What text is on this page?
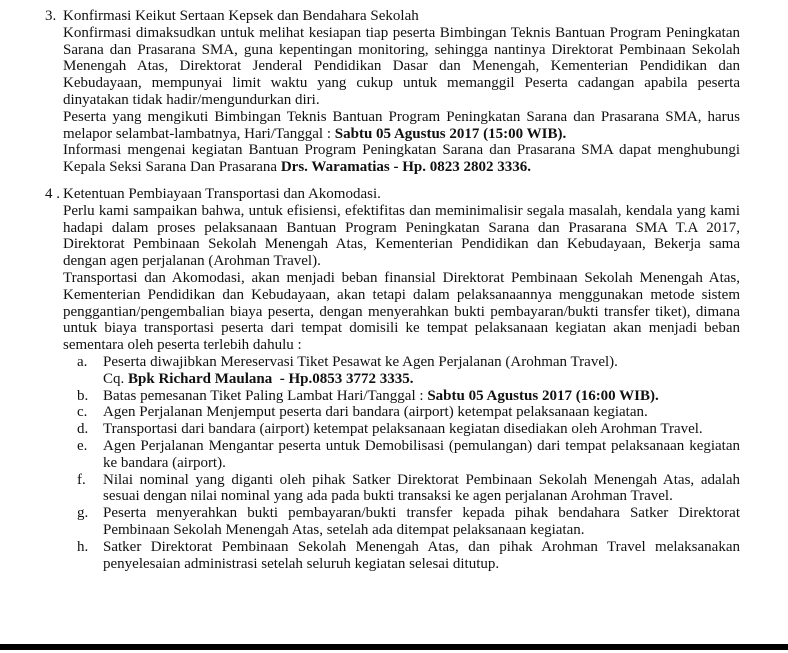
3. Konfirmasi Keikut Sertaan Kepsek dan Bendahara Sekolah

Konfirmasi dimaksudkan untuk melihat kesiapan tiap peserta Bimbingan Teknis Bantuan Program Peningkatan Sarana dan Prasarana SMA, guna kepentingan monitoring, sehingga nantinya Direktorat Pembinaan Sekolah Menengah Atas, Direktorat Jenderal Pendidikan Dasar dan Menengah, Kementerian Pendidikan dan Kebudayaan, mempunyai limit waktu yang cukup untuk memanggil Peserta cadangan apabila peserta dinyatakan tidak hadir/mengundurkan diri.

Peserta yang mengikuti Bimbingan Teknis Bantuan Program Peningkatan Sarana dan Prasarana SMA, harus melapor selambat-lambatnya, Hari/Tanggal : Sabtu 05 Agustus 2017 (15:00 WIB).

Informasi mengenai kegiatan Bantuan Program Peningkatan Sarana dan Prasarana SMA dapat menghubungi Kepala Seksi Sarana Dan Prasarana Drs. Waramatias - Hp. 0823 2802 3336.

4 . Ketentuan Pembiayaan Transportasi dan Akomodasi.

Perlu kami sampaikan bahwa, untuk efisiensi, efektifitas dan meminimalisir segala masalah, kendala yang kami hadapi dalam proses pelaksanaan Bantuan Program Peningkatan Sarana dan Prasarana SMA T.A 2017, Direktorat Pembinaan Sekolah Menengah Atas, Kementerian Pendidikan dan Kebudayaan, Bekerja sama dengan agen perjalanan (Arohman Travel).

Transportasi dan Akomodasi, akan menjadi beban finansial Direktorat Pembinaan Sekolah Menengah Atas, Kementerian Pendidikan dan Kebudayaan, akan tetapi dalam pelaksanaannya menggunakan metode sistem penggantian/pengembalian biaya peserta, dengan menyerahkan bukti pembayaran/bukti transfer tiket), dimana untuk biaya transportasi peserta dari tempat domisili ke tempat pelaksanaan kegiatan akan menjadi beban sementara oleh peserta terlebih dahulu :

a.	Peserta diwajibkan Mereservasi Tiket Pesawat ke Agen Perjalanan (Arohman Travel).
Cq. Bpk Richard Maulana  - Hp.0853 3772 3335.
b. Batas pemesanan Tiket Paling Lambat Hari/Tanggal : Sabtu 05 Agustus 2017 (16:00 WIB).
c.	Agen Perjalanan Menjemput peserta dari bandara (airport) ketempat pelaksanaan kegiatan.
d. Transportasi dari bandara (airport) ketempat pelaksanaan kegiatan disediakan oleh Arohman Travel.
e.	Agen Perjalanan Mengantar peserta untuk Demobilisasi (pemulangan) dari tempat pelaksanaan kegiatan ke bandara (airport).
f.	Nilai nominal yang diganti oleh pihak Satker Direktorat Pembinaan Sekolah Menengah Atas, adalah sesuai dengan nilai nominal yang ada pada bukti transaksi ke agen perjalanan Arohman Travel.
g. Peserta menyerahkan bukti pembayaran/bukti transfer kepada pihak bendahara Satker Direktorat Pembinaan Sekolah Menengah Atas, setelah ada ditempat pelaksanaan kegiatan.
h. Satker Direktorat Pembinaan Sekolah Menengah Atas, dan pihak Arohman Travel melaksanakan penyelesaian administrasi setelah seluruh kegiatan selesai ditutup.
